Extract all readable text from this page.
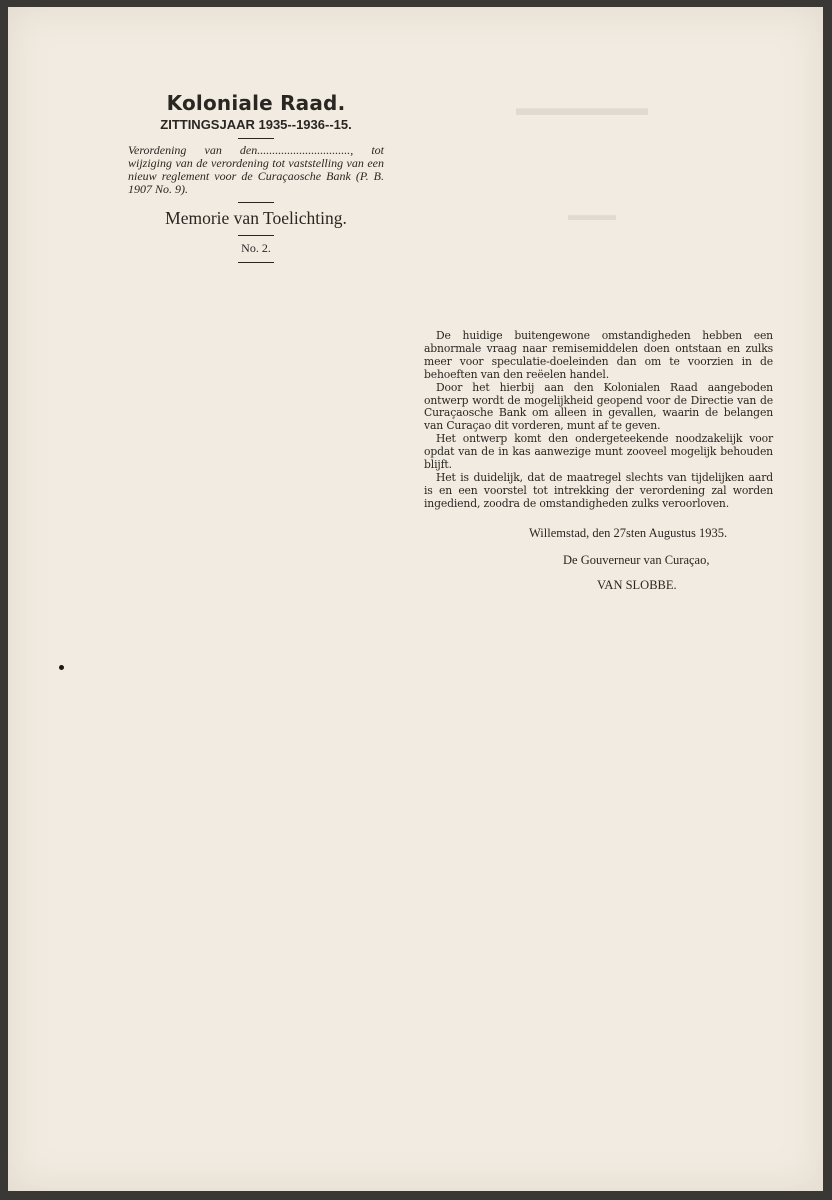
▬▬▬▬▬▬
▬▬▬
Koloniale Raad.
ZITTINGSJAAR 1935--1936--15.
Verordening van den..............................., tot wijziging van de verordening tot vaststelling van een nieuw reglement voor de Curaçaosche Bank (P. B. 1907 No. 9).
Memorie van Toelichting.
No. 2.

De huidige buitengewone omstandigheden hebben een abnormale vraag naar remisemiddelen doen ontstaan en zulks meer voor speculatie-doeleinden dan om te voorzien in de behoeften van den reëelen handel.

Door het hierbij aan den Kolonialen Raad aangeboden ontwerp wordt de mogelijkheid geopend voor de Directie van de Curaçaosche Bank om alleen in gevallen, waarin de belangen van Curaçao dit vorderen, munt af te geven.

Het ontwerp komt den ondergeteekende noodzakelijk voor opdat van de in kas aanwezige munt zooveel mogelijk behouden blijft.

Het is duidelijk, dat de maatregel slechts van tijdelijken aard is en een voorstel tot intrekking der verordening zal worden ingediend, zoodra de omstandigheden zulks veroorloven.

Willemstad, den 27sten Augustus 1935.
De Gouverneur van Curaçao,
VAN SLOBBE.
